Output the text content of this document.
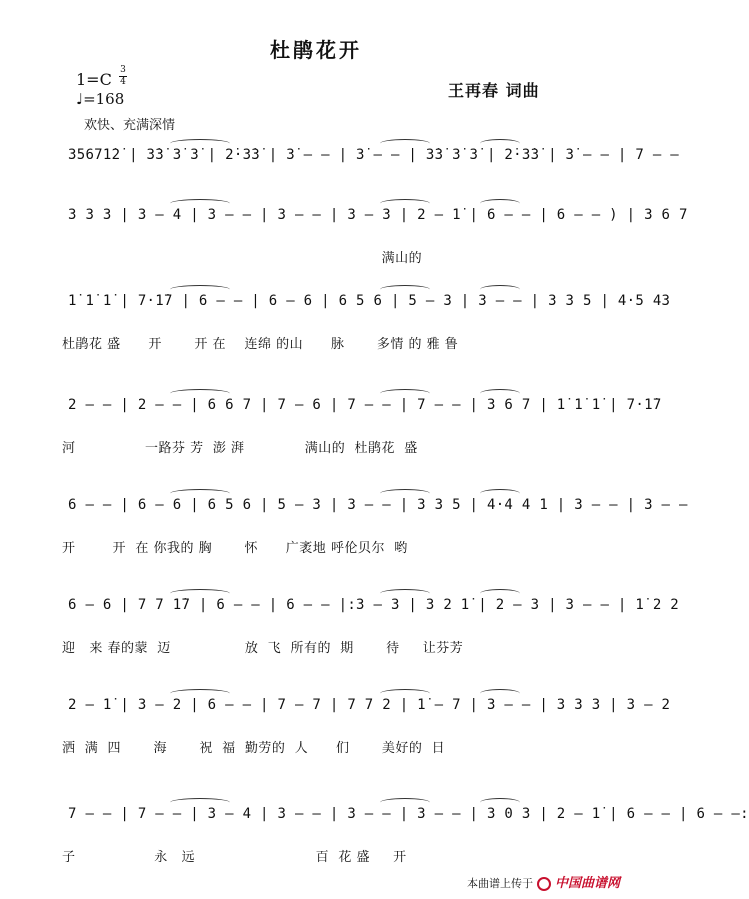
杜鹃花开
1=C 3
4
♩=168
欢快、充满深情
王再春 词曲
35671̇2̇ | 3̇3̇ 3̇ 3̇ | 2̇·3̇3̇ | 3̇ — — | 3̇ — — | 3̇3̇ 3̇ 3̇ | 2̇·3̇3̇ | 3̇ — — | 7 — —
3 3 3 | 3 — 4 | 3 — — | 3 — — | 3 — 3 | 2 — 1̇ | 6 — — | 6 — — ) | 3 6 7
满山的
1̇ 1̇ 1̇ | 7·1̇7 | 6 — — | 6 — 6 | 6 5 6 | 5 — 3 | 3 — — | 3 3 5 | 4·5 43
杜鹃花 盛      开       开 在    连绵 的山      脉       多情 的 雅 鲁
2 — — | 2 — — | 6 6 7 | 7 — 6 | 7 — — | 7 — — | 3 6 7 | 1̇ 1̇ 1̇ | 7·1̇7
河               一路芬 芳  澎 湃             满山的  杜鹃花  盛
6 — — | 6 — 6 | 6 5 6 | 5 — 3 | 3 — — | 3 3 5 | 4·4 4 1 | 3 — — | 3 — —
开        开  在 你我的 胸       怀      广袤地 呼伦贝尔  哟
6 — 6 | 7 7 1̇7 | 6 — — | 6 — — |:3 — 3 | 3 2 1̇ | 2 — 3 | 3 — — | 1̇ 2 2
迎   来 春的蒙  迈                放  飞  所有的  期       待     让芬芳
2 — 1̇ | 3 — 2 | 6 — — | 7 — 7 | 7 7 2 | 1̇ — 7 | 3 — — | 3 3 3 | 3 — 2
洒  满  四       海       祝  福  勤劳的  人      们       美好的  日
7 — — | 7 — — | 3 — 4 | 3 — — | 3 — — | 3 — — | 3 0 3 | 2 — 1̇ | 6 — — | 6 — —:
子                 永   远                          百  花 盛     开
本曲谱上传于 中国曲谱网
